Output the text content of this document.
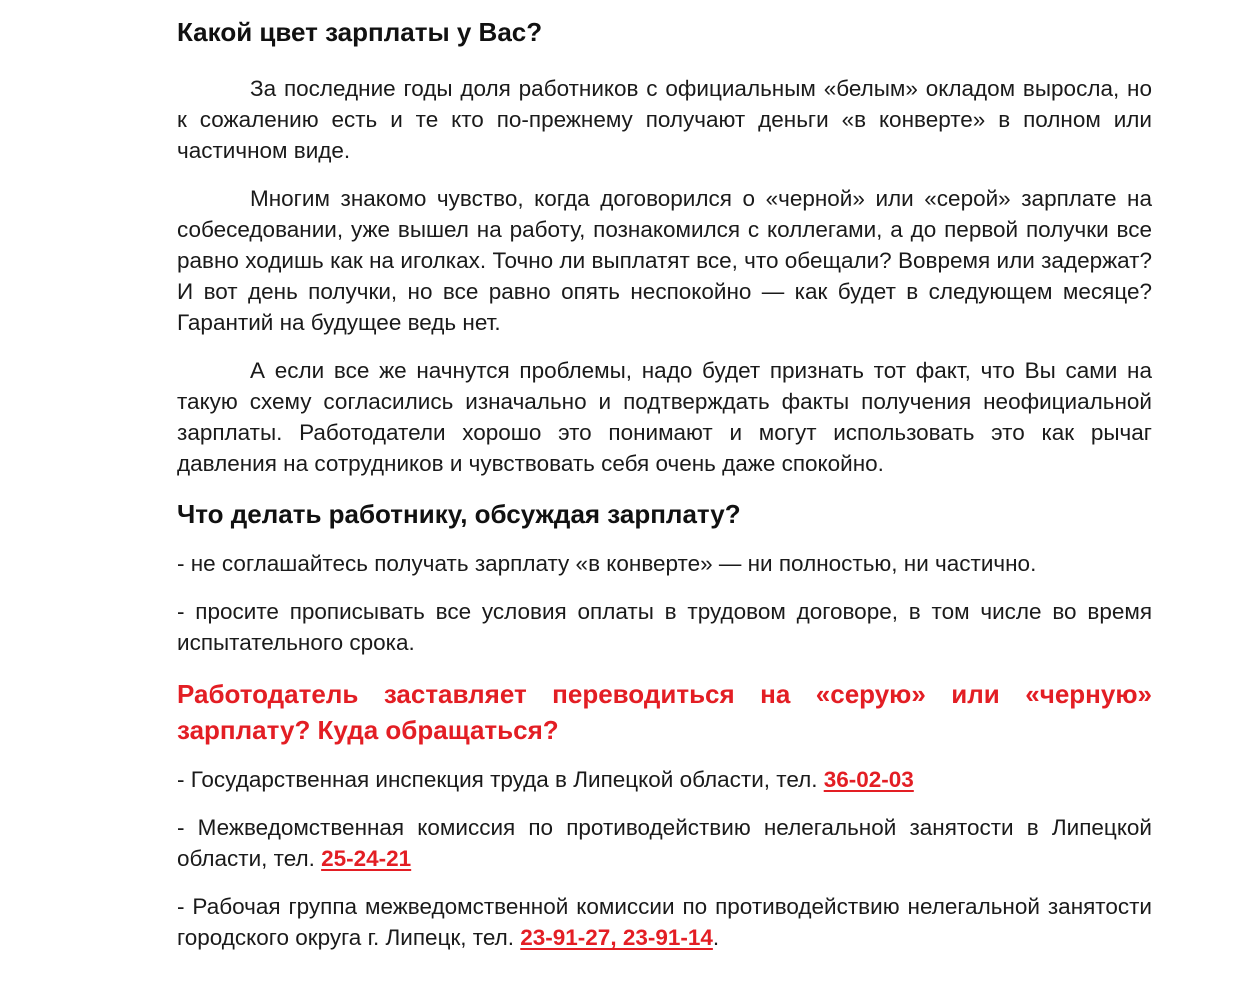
Какой цвет зарплаты у Вас?

За последние годы доля работников с официальным «белым» окладом выросла, но к сожалению есть и те кто по-прежнему получают деньги «в конверте» в полном или частичном виде.

Многим знакомо чувство, когда договорился о «черной» или «серой» зарплате на собеседовании, уже вышел на работу, познакомился с коллегами, а до первой получки все равно ходишь как на иголках. Точно ли выплатят все, что обещали? Вовремя или задержат? И вот день получки, но все равно опять неспокойно — как будет в следующем месяце? Гарантий на будущее ведь нет.

А если все же начнутся проблемы, надо будет признать тот факт, что Вы сами на такую схему согласились изначально и подтверждать факты получения неофициальной зарплаты. Работодатели хорошо это понимают и могут использовать это как рычаг давления на сотрудников и чувствовать себя очень даже спокойно.

Что делать работнику, обсуждая зарплату?

- не соглашайтесь получать зарплату «в конверте» — ни полностью, ни частично.

- просите прописывать все условия оплаты в трудовом договоре, в том числе во время испытательного срока.

Работодатель заставляет переводиться на «серую» или «черную» зарплату? Куда обращаться?

- Государственная инспекция труда в Липецкой области, тел. 36-02-03

- Межведомственная комиссия по противодействию нелегальной занятости в Липецкой области, тел. 25-24-21

- Рабочая группа межведомственной комиссии по противодействию нелегальной занятости городского округа г. Липецк, тел. 23-91-27, 23-91-14.
